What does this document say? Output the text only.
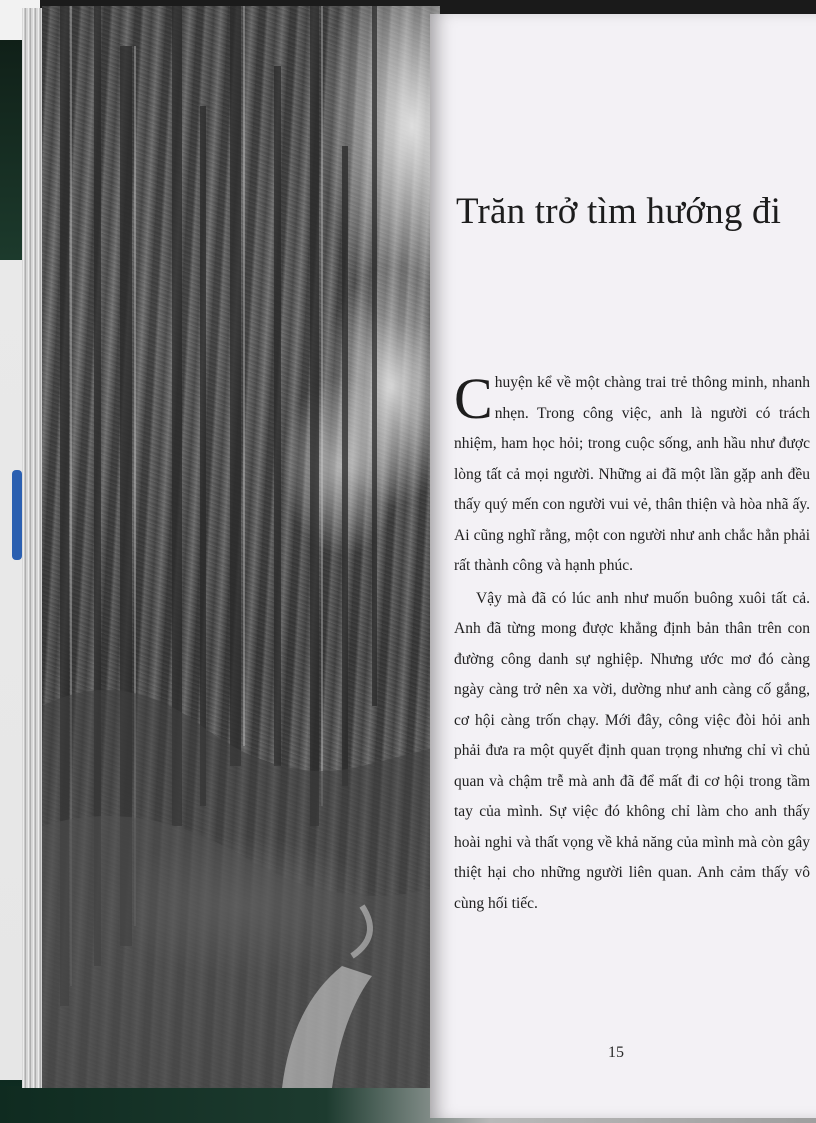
Trăn trở tìm hướng đi

Chuyện kể về một chàng trai trẻ thông minh, nhanh nhẹn. Trong công việc, anh là người có trách nhiệm, ham học hỏi; trong cuộc sống, anh hầu như được lòng tất cả mọi người. Những ai đã một lần gặp anh đều thấy quý mến con người vui vẻ, thân thiện và hòa nhã ấy. Ai cũng nghĩ rằng, một con người như anh chắc hẳn phải rất thành công và hạnh phúc.

Vậy mà đã có lúc anh như muốn buông xuôi tất cả. Anh đã từng mong được khẳng định bản thân trên con đường công danh sự nghiệp. Nhưng ước mơ đó càng ngày càng trở nên xa vời, dường như anh càng cố gắng, cơ hội càng trốn chạy. Mới đây, công việc đòi hỏi anh phải đưa ra một quyết định quan trọng nhưng chỉ vì chủ quan và chậm trễ mà anh đã để mất đi cơ hội trong tầm tay của mình. Sự việc đó không chỉ làm cho anh thấy hoài nghi và thất vọng về khả năng của mình mà còn gây thiệt hại cho những người liên quan. Anh cảm thấy vô cùng hối tiếc.

15
